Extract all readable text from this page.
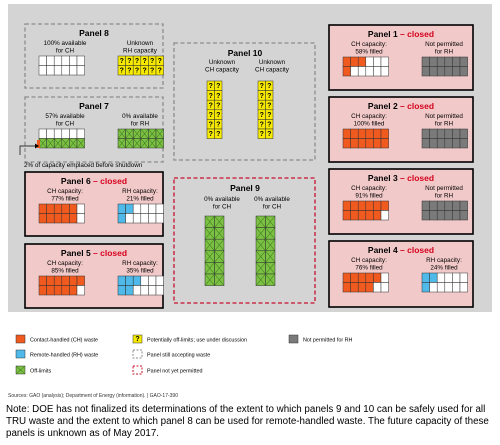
Panel 8
100% available for CH
Unknown RH capacity
?
?
?
?
?
?
?
?
?
?
?
?
Panel 7
57% available for CH
0% available for RH
2% of capacity emplaced before shutdown
Panel 6 – closed
CH capacity: 77% filled
RH capacity: 21% filled
Panel 5 – closed
CH capacity: 85% filled
RH capacity: 35% filled
Panel 10
Unknown CH capacity
Unknown CH capacity
? ?
? ?
? ?
? ?
? ?
? ?
? ?
? ?
? ?
? ?
? ?
? ?
Panel 9
0% available for CH
0% available for CH
Panel 1 – closed
CH capacity: 58% filled
Not permitted for RH
Panel 2 – closed
CH capacity: 100% filled
Not permitted for RH
Panel 3 – closed
CH capacity: 91% filled
Not permitted for RH
Panel 4 – closed
CH capacity: 76% filled
RH capacity: 24% filled
Contact-handled (CH) waste
Remote-handled (RH) waste
Off-limits
? Potentially off-limits; use under discussion
Panel still accepting waste
Panel not yet permitted
Not permitted for RH
Sources: GAO (analysis); Department of Energy (information). | GAO-17-390
Note: DOE has not finalized its determinations of the extent to which panels 9 and 10 can be safely used for all TRU waste and the extent to which panel 8 can be used for remote-handled waste. The future capacity of these panels is unknown as of May 2017.
